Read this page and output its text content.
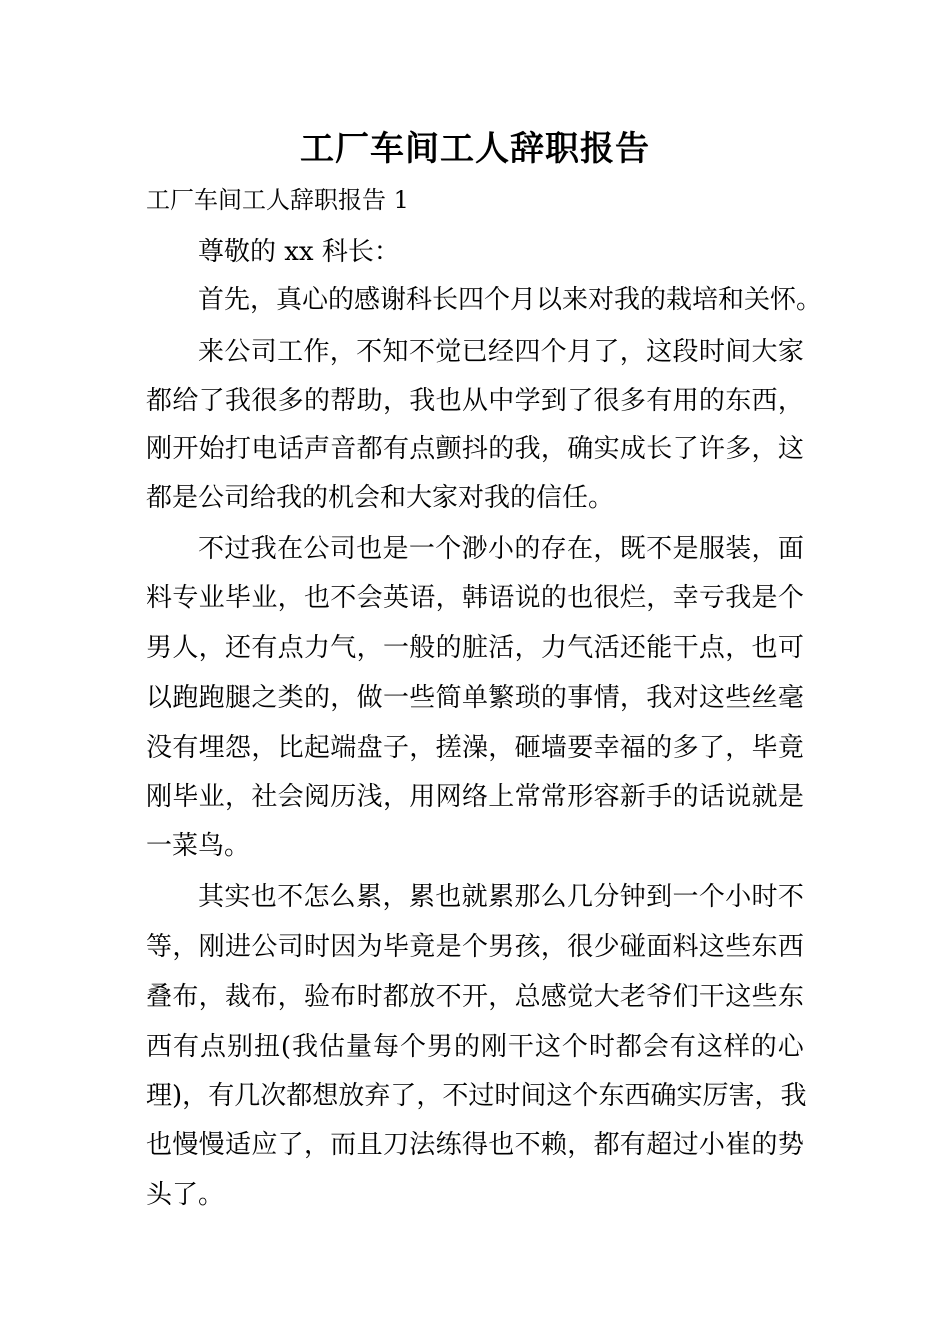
工厂车间工人辞职报告

工厂车间工人辞职报告 1

尊敬的 xx 科长：

首先，真心的感谢科长四个月以来对我的栽培和关怀。

来 公 司 工 作 ， 不 知 不 觉 已 经 四 个 月 了 ， 这 段 时 间 大 家

都 给 了 我 很 多 的 帮 助 ， 我 也 从 中 学 到 了 很 多 有 用 的 东 西 ，

刚 开 始 打 电 话 声 音 都 有 点 颤 抖 的 我 ， 确 实 成 长 了 许 多 ， 这

都是公司给我的机会和大家对我的信任。

不 过 我 在 公 司 也 是 一 个 渺 小 的 存 在 ， 既 不 是 服 装 ， 面

料 专 业 毕 业 ， 也 不 会 英 语 ， 韩 语 说 的 也 很 烂 ， 幸 亏 我 是 个

男 人 ， 还 有 点 力 气 ， 一 般 的 脏 活 ， 力 气 活 还 能 干 点 ， 也 可

以 跑 跑 腿 之 类 的 ， 做 一 些 简 单 繁 琐 的 事 情 ， 我 对 这 些 丝 毫

没 有 埋 怨 ， 比 起 端 盘 子 ， 搓 澡 ， 砸 墙 要 幸 福 的 多 了 ， 毕 竟

刚 毕 业 ， 社 会 阅 历 浅 ， 用 网 络 上 常 常 形 容 新 手 的 话 说 就 是

一菜鸟。

其 实 也 不 怎 么 累 ， 累 也 就 累 那 么 几 分 钟 到 一 个 小 时 不

等 ， 刚 进 公 司 时 因 为 毕 竟 是 个 男 孩 ， 很 少 碰 面 料 这 些 东 西

叠 布 ， 裁 布 ， 验 布 时 都 放 不 开 ， 总 感 觉 大 老 爷 们 干 这 些 东

西 有 点 别 扭 ( 我 估 量 每 个 男 的 刚 干 这 个 时 都 会 有 这 样 的 心

理 ) ， 有 几 次 都 想 放 弃 了 ， 不 过 时 间 这 个 东 西 确 实 厉 害 ， 我

也 慢 慢 适 应 了 ， 而 且 刀 法 练 得 也 不 赖 ， 都 有 超 过 小 崔 的 势

头了。
